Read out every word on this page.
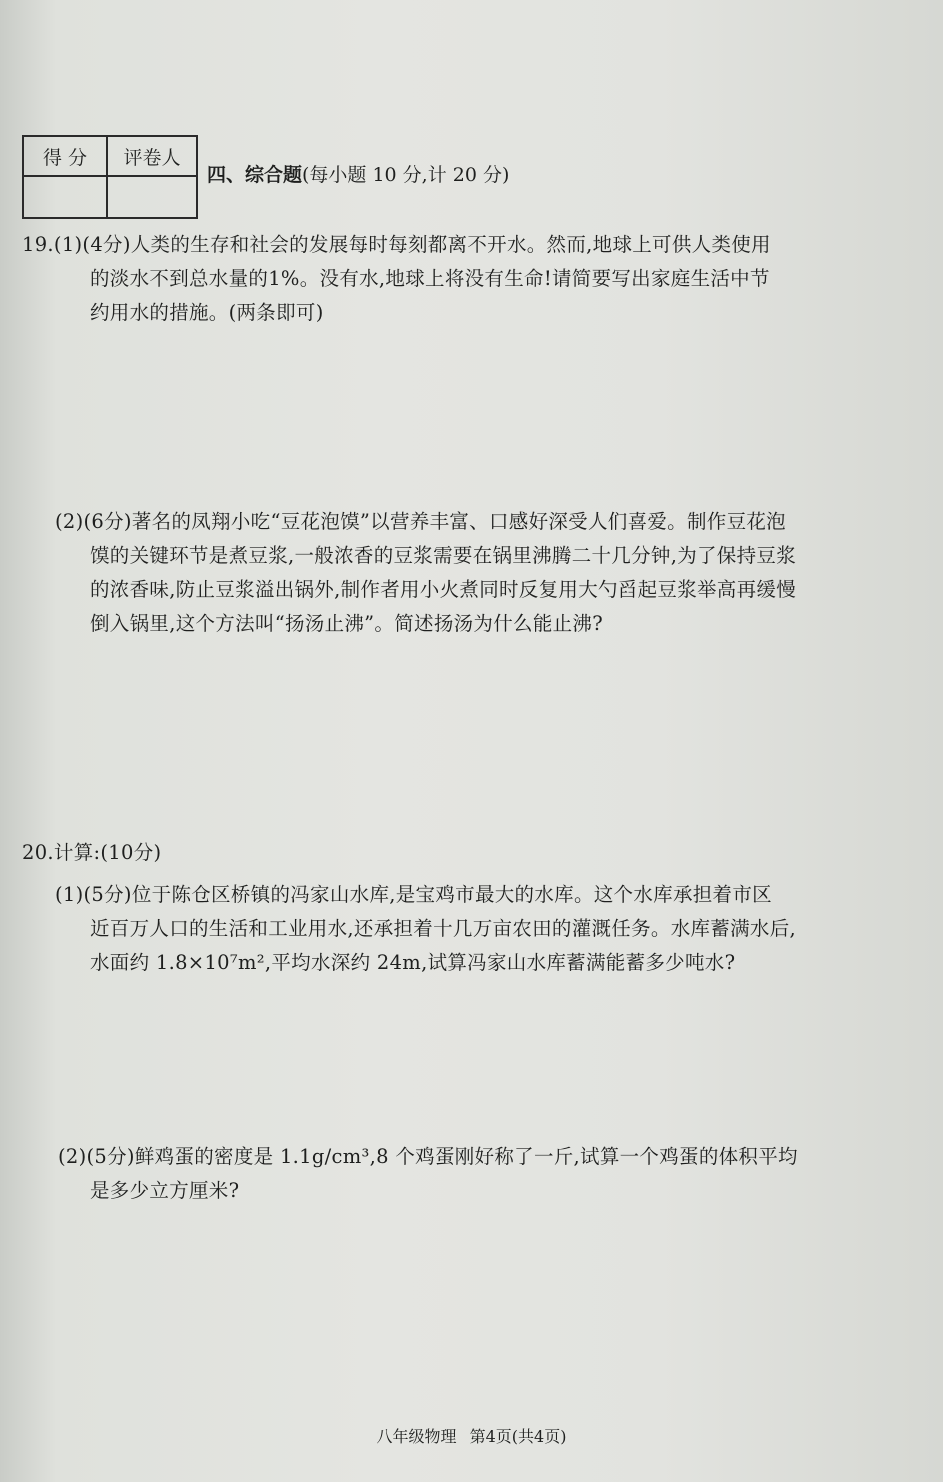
得 分	评卷人

四、综合题(每小题 10 分,计 20 分)

19.(1)(4分)人类的生存和社会的发展每时每刻都离不开水。然而,地球上可供人类使用

的淡水不到总水量的1%。没有水,地球上将没有生命!请简要写出家庭生活中节

约用水的措施。(两条即可)

(2)(6分)著名的凤翔小吃“豆花泡馍”以营养丰富、口感好深受人们喜爱。制作豆花泡

馍的关键环节是煮豆浆,一般浓香的豆浆需要在锅里沸腾二十几分钟,为了保持豆浆

的浓香味,防止豆浆溢出锅外,制作者用小火煮同时反复用大勺舀起豆浆举高再缓慢

倒入锅里,这个方法叫“扬汤止沸”。简述扬汤为什么能止沸?

20.计算:(10分)

(1)(5分)位于陈仓区桥镇的冯家山水库,是宝鸡市最大的水库。这个水库承担着市区

近百万人口的生活和工业用水,还承担着十几万亩农田的灌溉任务。水库蓄满水后,

水面约 1.8×10⁷m²,平均水深约 24m,试算冯家山水库蓄满能蓄多少吨水?

(2)(5分)鲜鸡蛋的密度是 1.1g/cm³,8 个鸡蛋刚好称了一斤,试算一个鸡蛋的体积平均

是多少立方厘米?

八年级物理 第4页(共4页)
